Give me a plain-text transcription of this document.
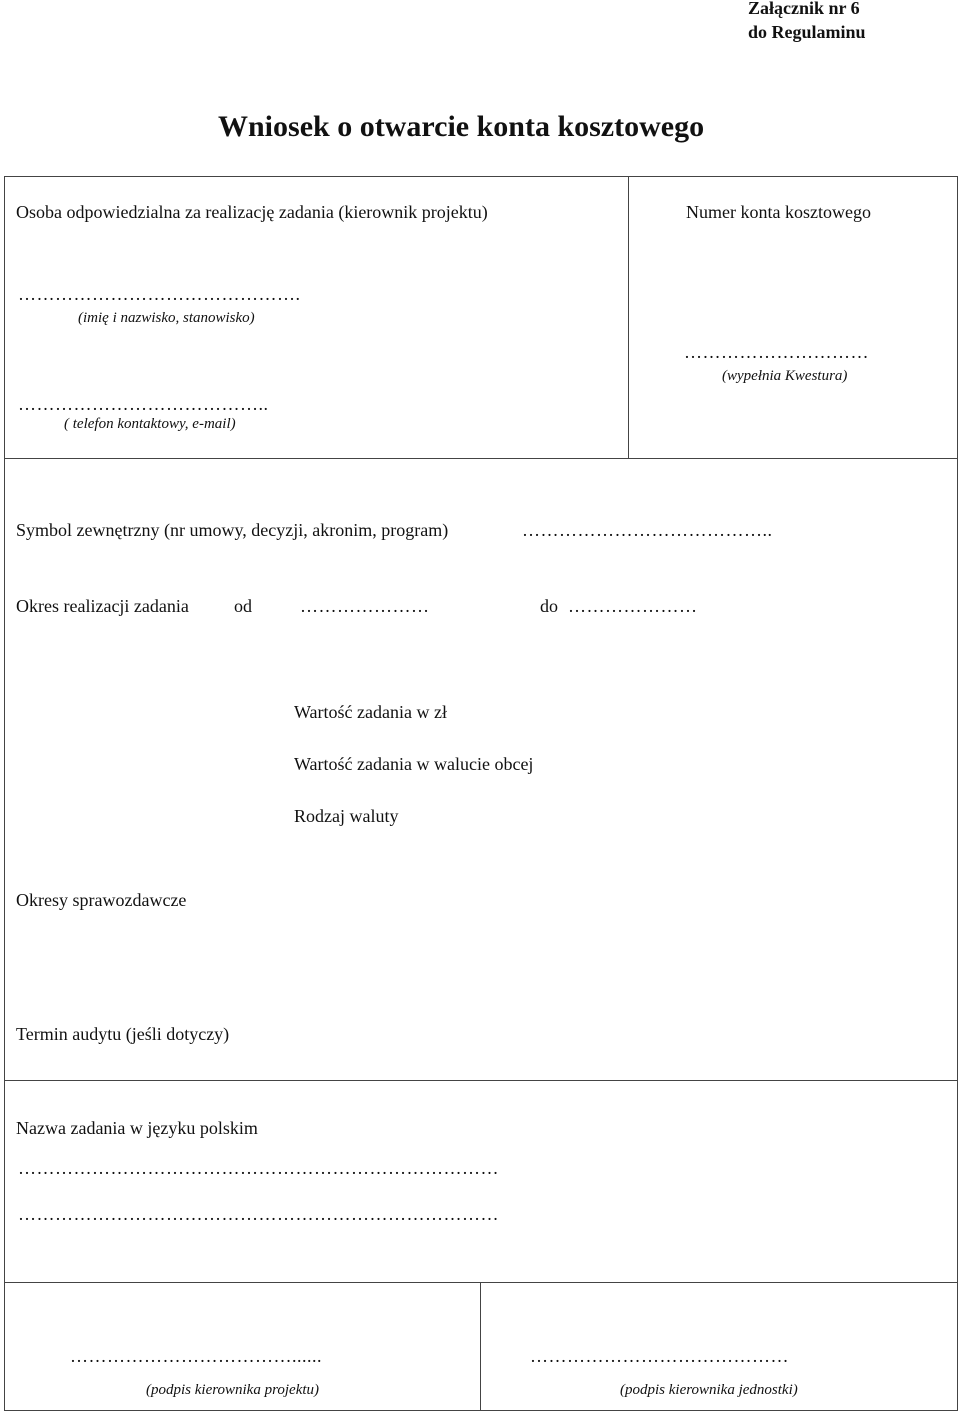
Załącznik nr 6
do Regulaminu
Wniosek o otwarcie konta kosztowego
Osoba odpowiedzialna za realizację zadania (kierownik projektu)	Numer konta kosztowego
……………………………………….
(imię i nazwisko, stanowisko)
…………………………………..
( telefon kontaktowy, e-mail)
…………………………
(wypełnia Kwestura)
Symbol zewnętrzny (nr umowy, decyzji, akronim, program)	…………………………………..
Okres realizacji zadania	od	…………………	do …………………
Wartość zadania w zł
Wartość zadania w walucie obcej
Rodzaj waluty
Okresy sprawozdawcze
Termin audytu (jeśli dotyczy)
Nazwa zadania w języku polskim
……………………………………………………………………
……………………………………………………………………
………………………………......
(podpis kierownika projektu)
……………………………………
(podpis kierownika jednostki)
